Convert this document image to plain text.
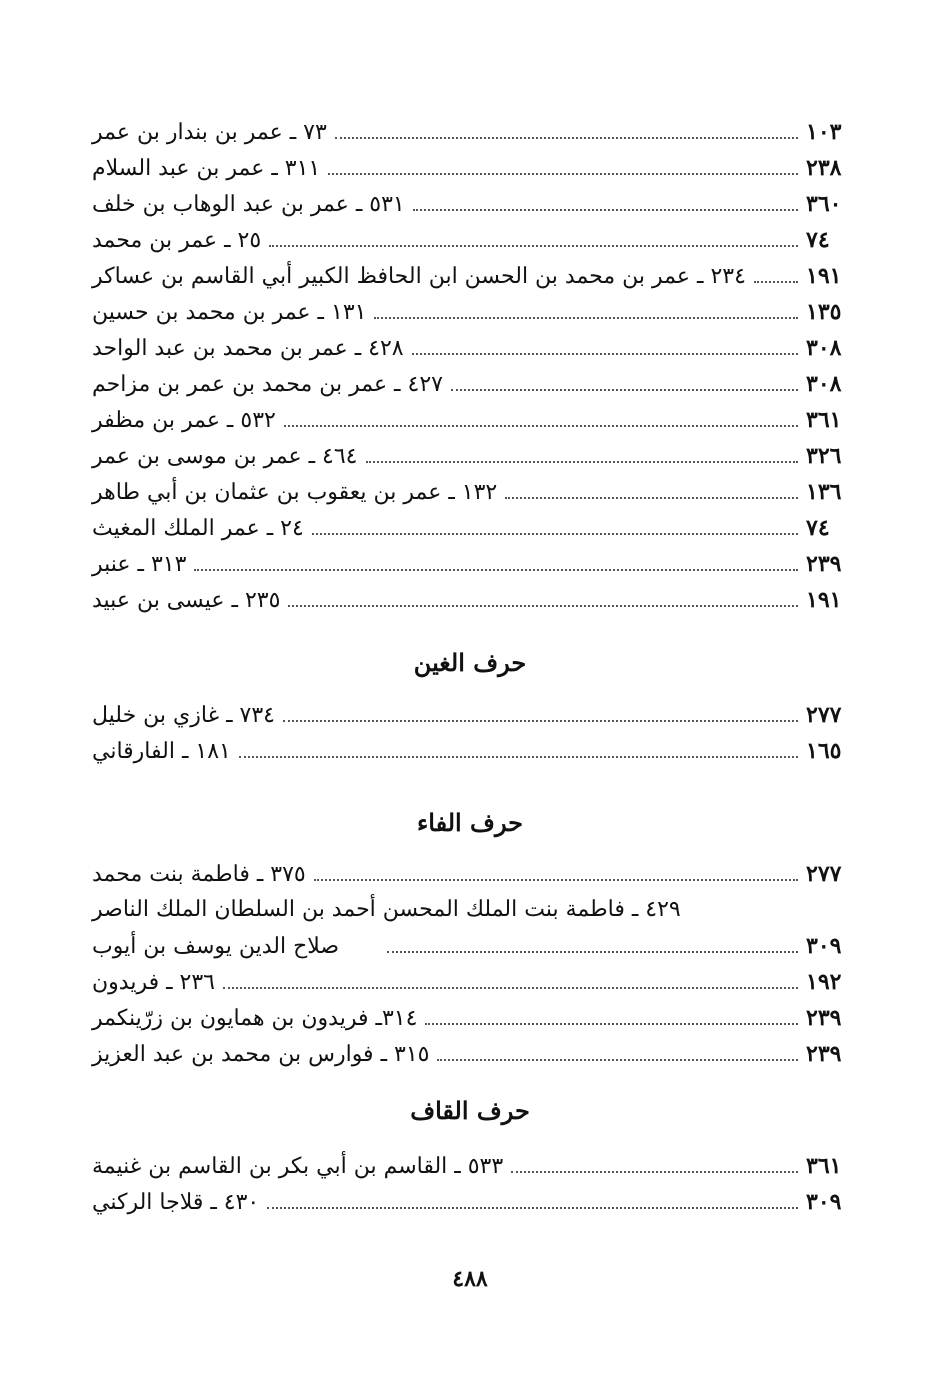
٧٣ ـ عمر بن بندار بن عمر	١٠٣
٣١١ ـ عمر بن عبد السلام	٢٣٨
٥٣١ ـ عمر بن عبد الوهاب بن خلف	٣٦٠
٢٥ ـ عمر بن محمد	٧٤
٢٣٤ ـ عمر بن محمد بن الحسن ابن الحافظ الكبير أبي القاسم بن عساكر	١٩١
١٣١ ـ عمر بن محمد بن حسين	١٣٥
٤٢٨ ـ عمر بن محمد بن عبد الواحد	٣٠٨
٤٢٧ ـ عمر بن محمد بن عمر بن مزاحم	٣٠٨
٥٣٢ ـ عمر بن مظفر	٣٦١
٤٦٤ ـ عمر بن موسى بن عمر	٣٢٦
١٣٢ ـ عمر بن يعقوب بن عثمان بن أبي طاهر	١٣٦
٢٤ ـ عمر الملك المغيث	٧٤
٣١٣ ـ عنبر	٢٣٩
٢٣٥ ـ عيسى بن عبيد	١٩١
حرف الغين
٧٣٤ ـ غازي بن خليل	٢٧٧
١٨١ ـ الفارقاني	١٦٥
حرف الفاء
٣٧٥ ـ فاطمة بنت محمد	٢٧٧
٤٢٩ ـ فاطمة بنت الملك المحسن أحمد بن السلطان الملك الناصر
صلاح الدين يوسف بن أيوب	٣٠٩
٢٣٦ ـ فريدون	١٩٢
٣١٤ـ فريدون بن همايون بن زرّينكمر	٢٣٩
٣١٥ ـ فوارس بن محمد بن عبد العزيز	٢٣٩
حرف القاف
٥٣٣ ـ القاسم بن أبي بكر بن القاسم بن غنيمة	٣٦١
٤٣٠ ـ قلاجا الركني	٣٠٩
٤٨٨
